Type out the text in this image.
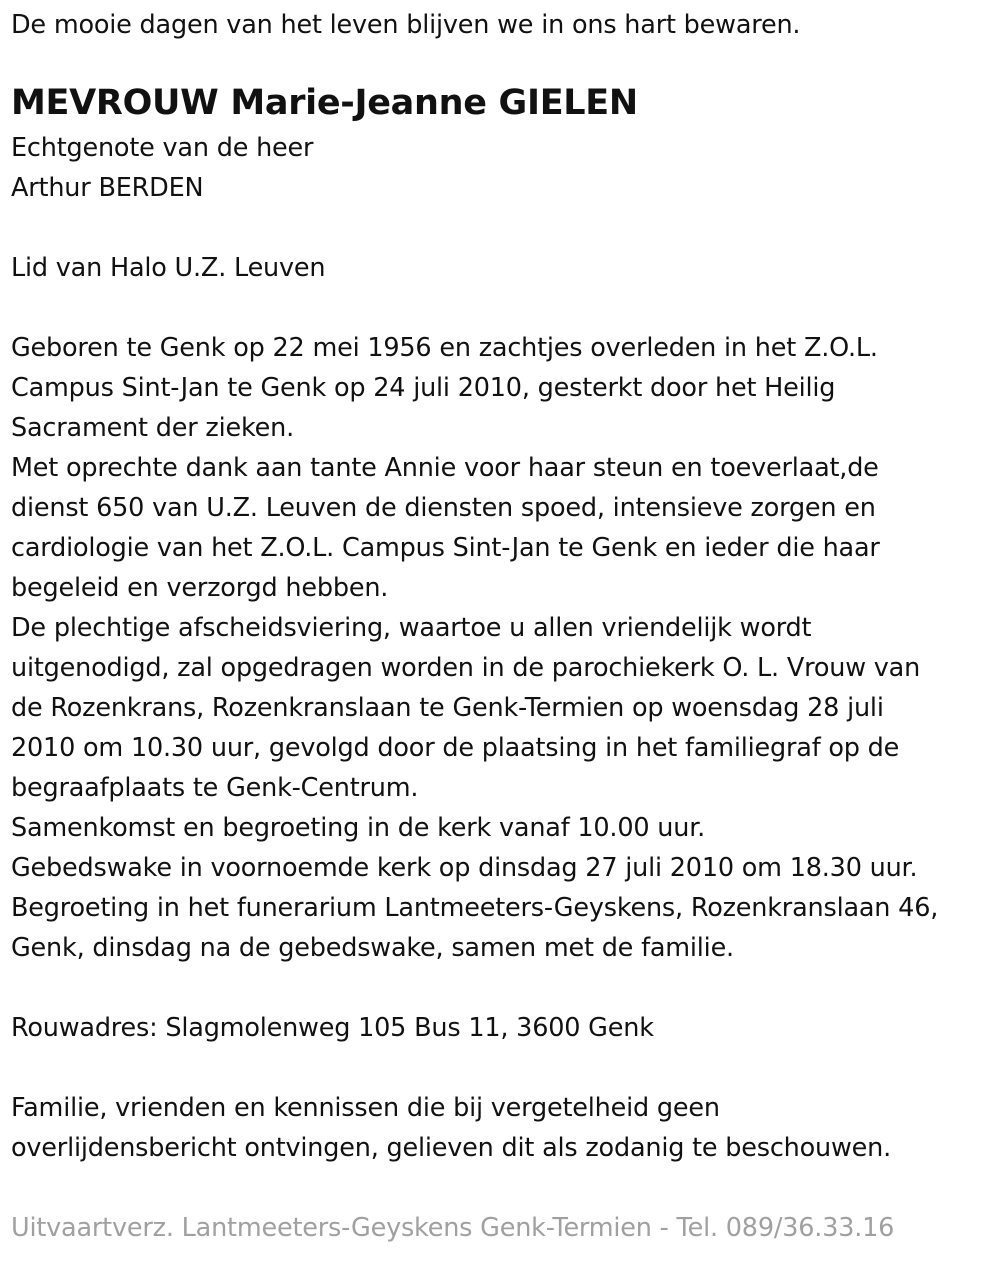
De mooie dagen van het leven blijven we in ons hart bewaren.
MEVROUW Marie-Jeanne GIELEN
Echtgenote van de heer
Arthur BERDEN
Lid van Halo U.Z. Leuven
Geboren te Genk op 22 mei 1956 en zachtjes overleden in het Z.O.L.
Campus Sint-Jan te Genk op 24 juli 2010, gesterkt door het Heilig
Sacrament der zieken.
Met oprechte dank aan tante Annie voor haar steun en toeverlaat,de
dienst 650 van U.Z. Leuven de diensten spoed, intensieve zorgen en
cardiologie van het Z.O.L. Campus Sint-Jan te Genk en ieder die haar
begeleid en verzorgd hebben.
De plechtige afscheidsviering, waartoe u allen vriendelijk wordt
uitgenodigd, zal opgedragen worden in de parochiekerk O. L. Vrouw van
de Rozenkrans, Rozenkranslaan te Genk-Termien op woensdag 28 juli
2010 om 10.30 uur, gevolgd door de plaatsing in het familiegraf op de
begraafplaats te Genk-Centrum.
Samenkomst en begroeting in de kerk vanaf 10.00 uur.
Gebedswake in voornoemde kerk op dinsdag 27 juli 2010 om 18.30 uur.
Begroeting in het funerarium Lantmeeters-Geyskens, Rozenkranslaan 46,
Genk, dinsdag na de gebedswake, samen met de familie.
Rouwadres: Slagmolenweg 105 Bus 11, 3600 Genk
Familie, vrienden en kennissen die bij vergetelheid geen
overlijdensbericht ontvingen, gelieven dit als zodanig te beschouwen.
Uitvaartverz. Lantmeeters-Geyskens Genk-Termien - Tel. 089/36.33.16
